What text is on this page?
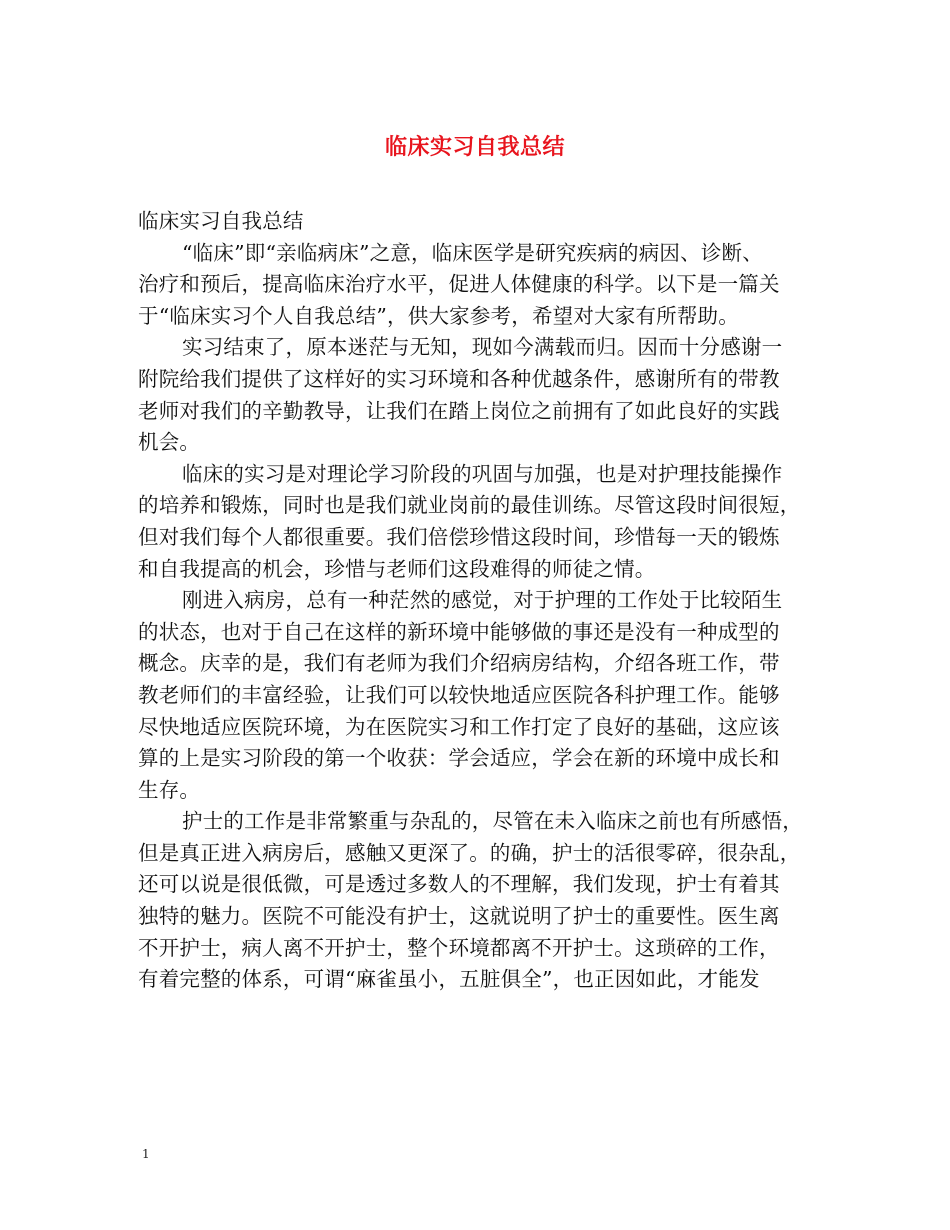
临床实习自我总结
临床实习自我总结
“临床”即“亲临病床”之意，临床医学是研究疾病的病因、诊断、
治疗和预后，提高临床治疗水平，促进人体健康的科学。以下是一篇关
于“临床实习个人自我总结”，供大家参考，希望对大家有所帮助。
实习结束了，原本迷茫与无知，现如今满载而归。因而十分感谢一
附院给我们提供了这样好的实习环境和各种优越条件，感谢所有的带教
老师对我们的辛勤教导，让我们在踏上岗位之前拥有了如此良好的实践
机会。
临床的实习是对理论学习阶段的巩固与加强，也是对护理技能操作
的培养和锻炼，同时也是我们就业岗前的最佳训练。尽管这段时间很短，
但对我们每个人都很重要。我们倍偿珍惜这段时间，珍惜每一天的锻炼
和自我提高的机会，珍惜与老师们这段难得的师徒之情。
刚进入病房，总有一种茫然的感觉，对于护理的工作处于比较陌生
的状态，也对于自己在这样的新环境中能够做的事还是没有一种成型的
概念。庆幸的是，我们有老师为我们介绍病房结构，介绍各班工作，带
教老师们的丰富经验，让我们可以较快地适应医院各科护理工作。能够
尽快地适应医院环境，为在医院实习和工作打定了良好的基础，这应该
算的上是实习阶段的第一个收获：学会适应，学会在新的环境中成长和
生存。
护士的工作是非常繁重与杂乱的，尽管在未入临床之前也有所感悟，
但是真正进入病房后，感触又更深了。的确，护士的活很零碎，很杂乱，
还可以说是很低微，可是透过多数人的不理解，我们发现，护士有着其
独特的魅力。医院不可能没有护士，这就说明了护士的重要性。医生离
不开护士，病人离不开护士，整个环境都离不开护士。这琐碎的工作，
有着完整的体系，可谓“麻雀虽小，五脏俱全”，也正因如此，才能发
1
